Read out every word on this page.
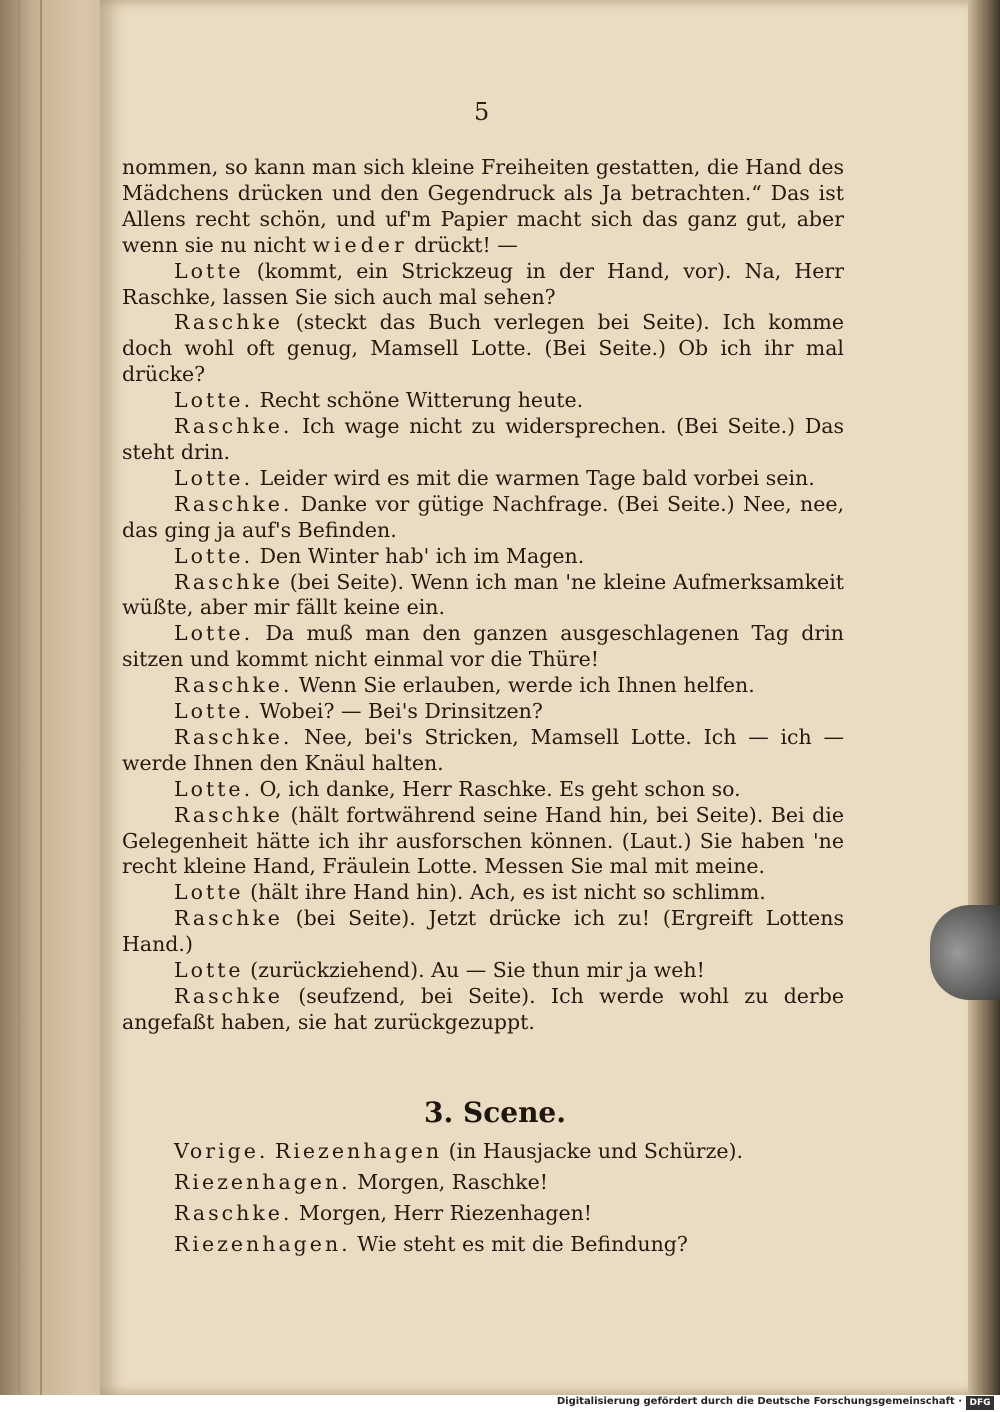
5

nommen, so kann man sich kleine Freiheiten gestatten, die Hand des Mädchens drücken und den Gegendruck als Ja betrachten.“ Das ist Allens recht schön, und uf'm Papier macht sich das ganz gut, aber wenn sie nu nicht wieder drückt! —

Lotte (kommt, ein Strickzeug in der Hand, vor). Na, Herr Raschke, lassen Sie sich auch mal sehen?

Raschke (steckt das Buch verlegen bei Seite). Ich komme doch wohl oft genug, Mamsell Lotte. (Bei Seite.) Ob ich ihr mal drücke?

Lotte. Recht schöne Witterung heute.

Raschke. Ich wage nicht zu widersprechen. (Bei Seite.) Das steht drin.

Lotte. Leider wird es mit die warmen Tage bald vorbei sein.

Raschke. Danke vor gütige Nachfrage. (Bei Seite.) Nee, nee, das ging ja auf's Befinden.

Lotte. Den Winter hab' ich im Magen.

Raschke (bei Seite). Wenn ich man 'ne kleine Aufmerksamkeit wüßte, aber mir fällt keine ein.

Lotte. Da muß man den ganzen ausgeschlagenen Tag drin sitzen und kommt nicht einmal vor die Thüre!

Raschke. Wenn Sie erlauben, werde ich Ihnen helfen.

Lotte. Wobei? — Bei's Drinsitzen?

Raschke. Nee, bei's Stricken, Mamsell Lotte. Ich — ich — werde Ihnen den Knäul halten.

Lotte. O, ich danke, Herr Raschke. Es geht schon so.

Raschke (hält fortwährend seine Hand hin, bei Seite). Bei die Gelegenheit hätte ich ihr ausforschen können. (Laut.) Sie haben 'ne recht kleine Hand, Fräulein Lotte. Messen Sie mal mit meine.

Lotte (hält ihre Hand hin). Ach, es ist nicht so schlimm.

Raschke (bei Seite). Jetzt drücke ich zu! (Ergreift Lottens Hand.)

Lotte (zurückziehend). Au — Sie thun mir ja weh!

Raschke (seufzend, bei Seite). Ich werde wohl zu derbe angefaßt haben, sie hat zurückgezuppt.

3. Scene.

Vorige. Riezenhagen (in Hausjacke und Schürze).

Riezenhagen. Morgen, Raschke!

Raschke. Morgen, Herr Riezenhagen!

Riezenhagen. Wie steht es mit die Befindung?

Digitalisierung gefördert durch die Deutsche Forschungsgemeinschaft · DFG
